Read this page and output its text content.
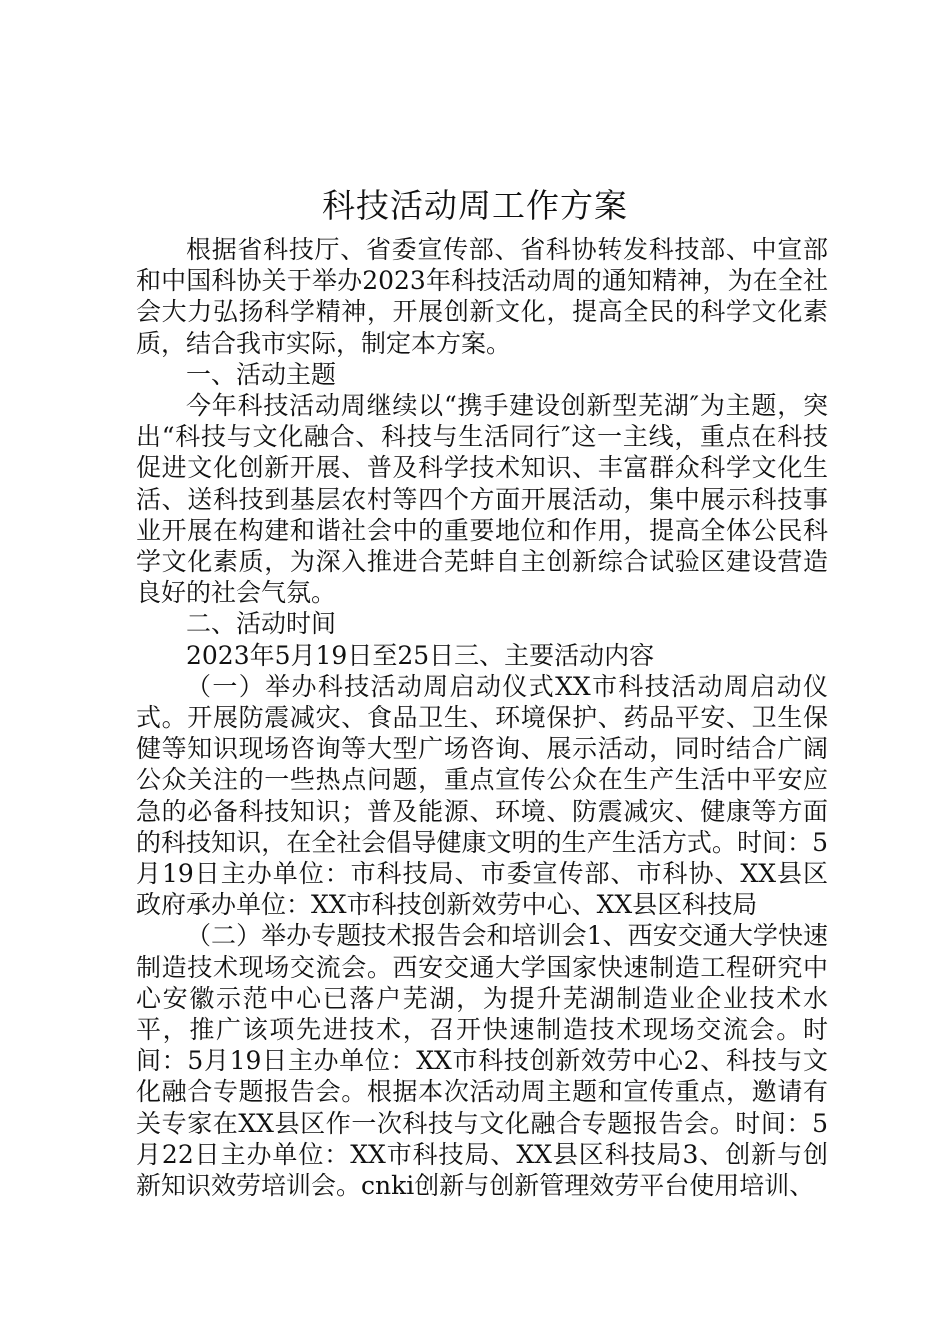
科技活动周工作方案

根据省科技厅、省委宣传部、省科协转发科技部、中宣部和中国科协关于举办2023年科技活动周的通知精神，为在全社会大力弘扬科学精神，开展创新文化，提高全民的科学文化素质，结合我市实际，制定本方案。

一、活动主题

今年科技活动周继续以“携手建设创新型芜湖″为主题，突出“科技与文化融合、科技与生活同行″这一主线，重点在科技促进文化创新开展、普及科学技术知识、丰富群众科学文化生活、送科技到基层农村等四个方面开展活动，集中展示科技事业开展在构建和谐社会中的重要地位和作用，提高全体公民科学文化素质，为深入推进合芜蚌自主创新综合试验区建设营造良好的社会气氛。

二、活动时间

2023年5月19日至25日三、主要活动内容

（一）举办科技活动周启动仪式XX市科技活动周启动仪式。开展防震减灾、食品卫生、环境保护、药品平安、卫生保健等知识现场咨询等大型广场咨询、展示活动，同时结合广阔公众关注的一些热点问题，重点宣传公众在生产生活中平安应急的必备科技知识；普及能源、环境、防震减灾、健康等方面的科技知识，在全社会倡导健康文明的生产生活方式。时间：5月19日主办单位：市科技局、市委宣传部、市科协、XX县区政府承办单位：XX市科技创新效劳中心、XX县区科技局

（二）举办专题技术报告会和培训会1、西安交通大学快速制造技术现场交流会。西安交通大学国家快速制造工程研究中心安徽示范中心已落户芜湖，为提升芜湖制造业企业技术水平，推广该项先进技术，召开快速制造技术现场交流会。时间：5月19日主办单位：XX市科技创新效劳中心2、科技与文化融合专题报告会。根据本次活动周主题和宣传重点，邀请有关专家在XX县区作一次科技与文化融合专题报告会。时间：5月22日主办单位：XX市科技局、XX县区科技局3、创新与创新知识效劳培训会。cnki创新与创新管理效劳平台使用培训、
